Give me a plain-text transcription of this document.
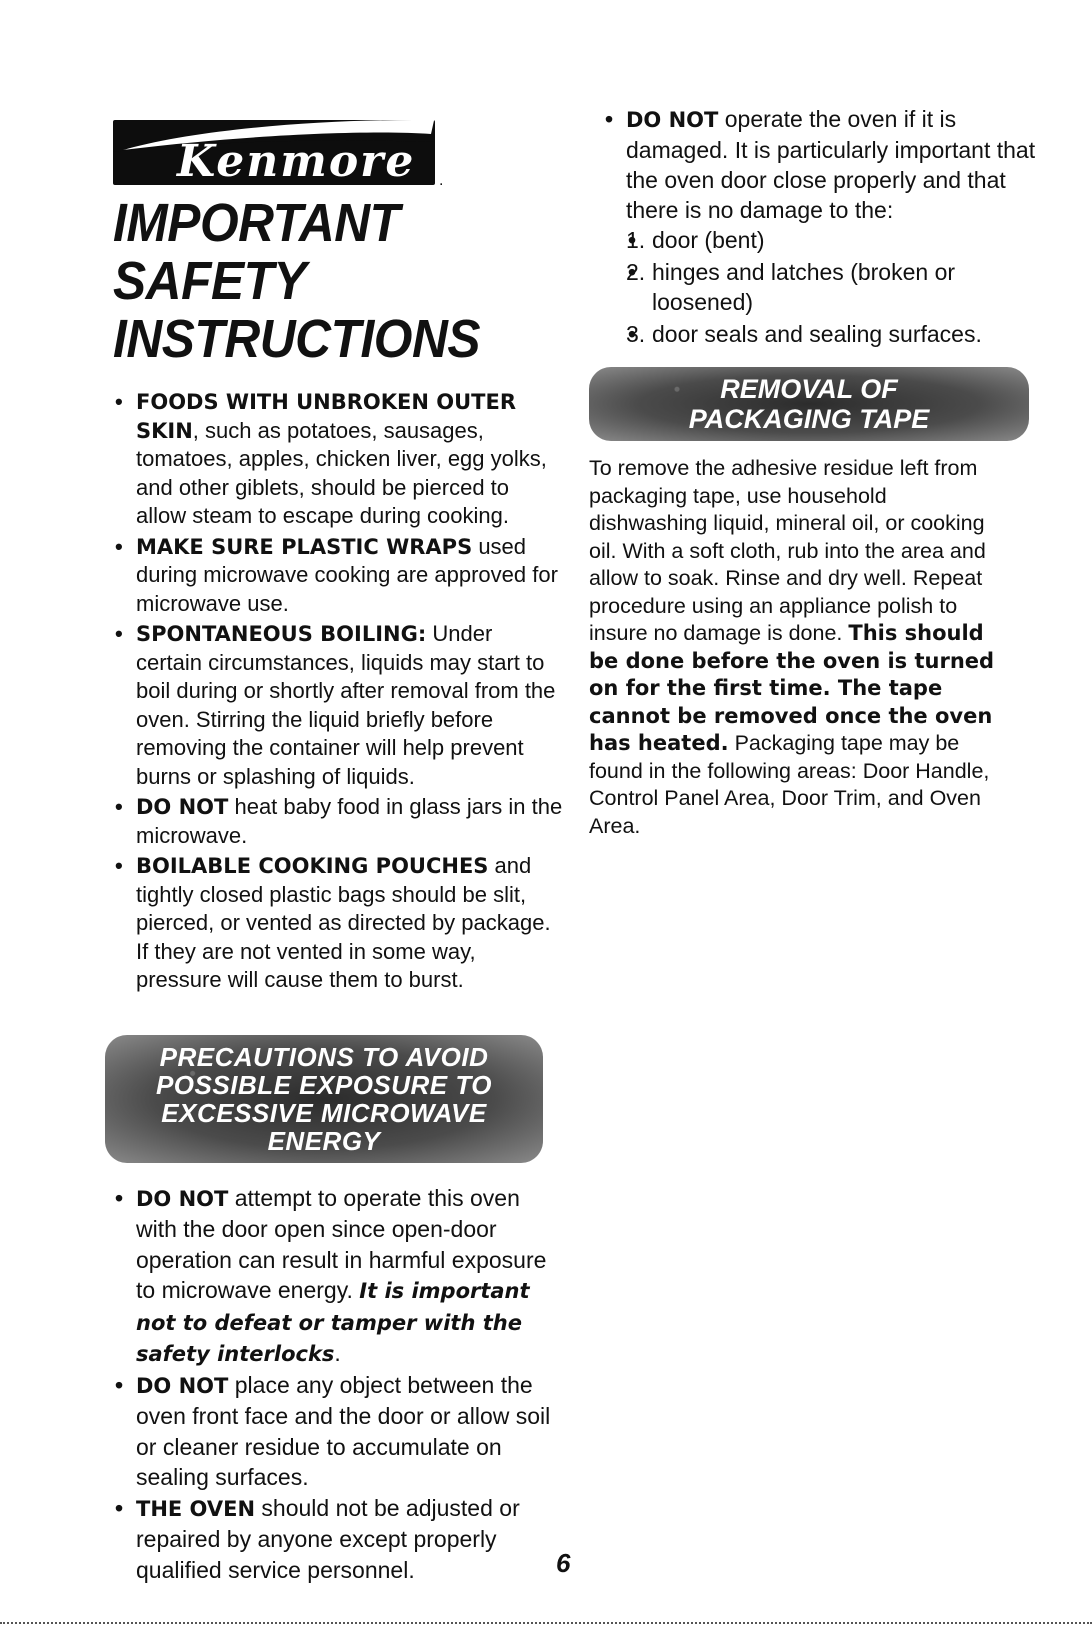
Kenmore .
IMPORTANT SAFETY
INSTRUCTIONS
• FOODS WITH UNBROKEN OUTER SKIN, such as potatoes, sausages, tomatoes, apples, chicken liver, egg yolks, and other giblets, should be pierced to allow steam to escape during cooking.
• MAKE SURE PLASTIC WRAPS used during microwave cooking are approved for microwave use.
• SPONTANEOUS BOILING: Under certain circumstances, liquids may start to boil during or shortly after removal from the oven. Stirring the liquid briefly before removing the container will help prevent burns or splashing of liquids.
• DO NOT heat baby food in glass jars in the microwave.
• BOILABLE COOKING POUCHES and tightly closed plastic bags should be slit, pierced, or vented as directed by package. If they are not vented in some way, pressure will cause them to burst.
PRECAUTIONS TO AVOID
POSSIBLE EXPOSURE TO
EXCESSIVE MICROWAVE
ENERGY
• DO NOT attempt to operate this oven with the door open since open-door operation can result in harmful exposure to microwave energy. It is important not to defeat or tamper with the safety interlocks.
• DO NOT place any object between the oven front face and the door or allow soil or cleaner residue to accumulate on sealing surfaces.
• THE OVEN should not be adjusted or repaired by anyone except properly qualified service personnel.
• DO NOT operate the oven if it is damaged. It is particularly important that the oven door close properly and that there is no damage to the:
• 1. door (bent)
• 2. hinges and latches (broken or loosened)
• 3. door seals and sealing surfaces.
REMOVAL OF
PACKAGING TAPE
To remove the adhesive residue left from packaging tape, use household dishwashing liquid, mineral oil, or cooking oil. With a soft cloth, rub into the area and allow to soak. Rinse and dry well. Repeat procedure using an appliance polish to insure no damage is done. This should be done before the oven is turned on for the first time. The tape cannot be removed once the oven has heated. Packaging tape may be found in the following areas: Door Handle, Control Panel Area, Door Trim, and Oven Area.
6
